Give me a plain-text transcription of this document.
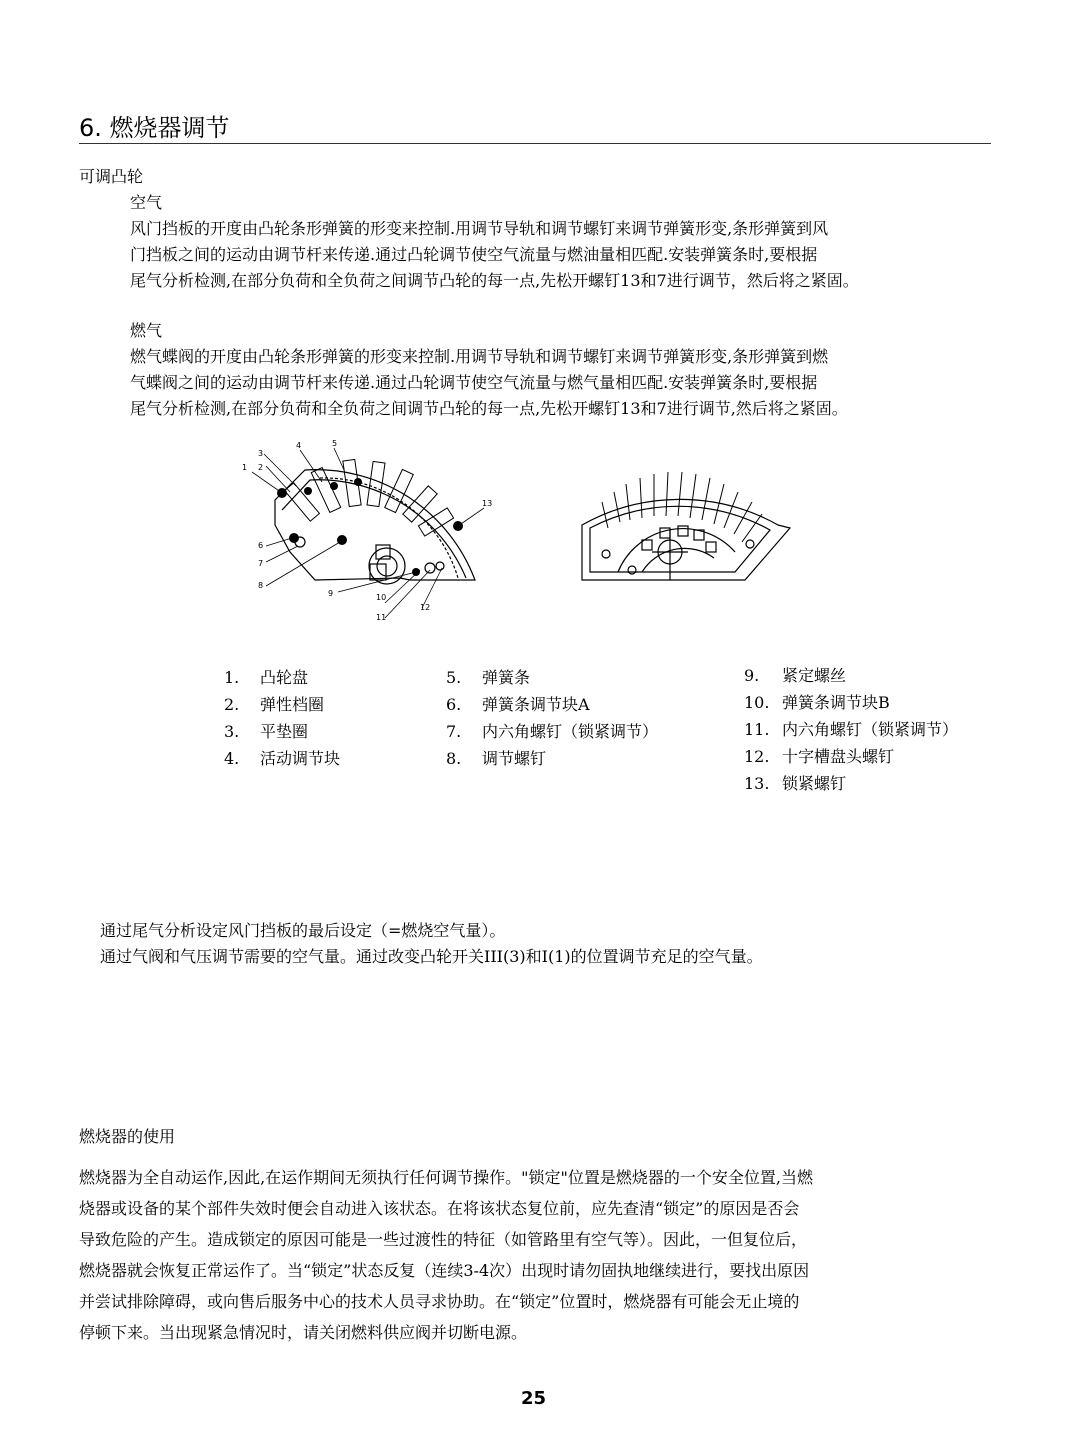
6. 燃烧器调节
可调凸轮
空气
风门挡板的开度由凸轮条形弹簧的形变来控制.用调节导轨和调节螺钉来调节弹簧形变,条形弹簧到风
门挡板之间的运动由调节杆来传递.通过凸轮调节使空气流量与燃油量相匹配.安装弹簧条时,要根据
尾气分析检测,在部分负荷和全负荷之间调节凸轮的每一点,先松开螺钉13和7进行调节，然后将之紧固。
燃气
燃气蝶阀的开度由凸轮条形弹簧的形变来控制.用调节导轨和调节螺钉来调节弹簧形变,条形弹簧到燃
气蝶阀之间的运动由调节杆来传递.通过凸轮调节使空气流量与燃气量相匹配.安装弹簧条时,要根据
尾气分析检测,在部分负荷和全负荷之间调节凸轮的每一点,先松开螺钉13和7进行调节,然后将之紧固。
1 2
3
4	5
6
7
8
9	10
11
12
13
1. 凸轮盘
2. 弹性档圈
3. 平垫圈
4. 活动调节块
5. 弹簧条
6. 弹簧条调节块A
7. 内六角螺钉（锁紧调节）
8. 调节螺钉
9. 紧定螺丝
10. 弹簧条调节块B
11. 内六角螺钉（锁紧调节）
12. 十字槽盘头螺钉
13. 锁紧螺钉
通过尾气分析设定风门挡板的最后设定（=燃烧空气量）。
通过气阀和气压调节需要的空气量。通过改变凸轮开关III(3)和Ⅰ(1)的位置调节充足的空气量。
燃烧器的使用
燃烧器为全自动运作,因此,在运作期间无须执行任何调节操作。"锁定"位置是燃烧器的一个安全位置,当燃
烧器或设备的某个部件失效时便会自动进入该状态。在将该状态复位前，应先查清“锁定”的原因是否会
导致危险的产生。造成锁定的原因可能是一些过渡性的特征（如管路里有空气等）。因此，一但复位后，
燃烧器就会恢复正常运作了。当“锁定”状态反复（连续3-4次）出现时请勿固执地继续进行，要找出原因
并尝试排除障碍，或向售后服务中心的技术人员寻求协助。在“锁定”位置时，燃烧器有可能会无止境的
停顿下来。当出现紧急情况时，请关闭燃料供应阀并切断电源。
25
